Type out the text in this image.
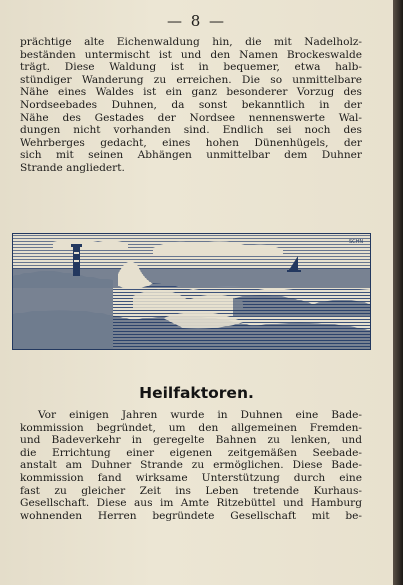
— 8 —
prächtige alte Eichenwaldung hin, die mit Nadelholz-
beständen untermischt ist und den Namen Brockeswalde
trägt. Diese Waldung ist in bequemer, etwa halb-
stündiger Wanderung zu erreichen. Die so unmittelbare
Nähe eines Waldes ist ein ganz besonderer Vorzug des
Nordseebades Duhnen, da sonst bekanntlich in der
Nähe des Gestades der Nordsee nennenswerte Wal-
dungen nicht vorhanden sind. Endlich sei noch des
Wehrberges gedacht, eines hohen Dünenhügels, der
sich mit seinen Abhängen unmittelbar dem Duhner
Strande angliedert.
SCHN
Heilfaktoren.
Vor einigen Jahren wurde in Duhnen eine Bade-
kommission begründet, um den allgemeinen Fremden-
und Badeverkehr in geregelte Bahnen zu lenken, und
die Errichtung einer eigenen zeitgemäßen Seebade-
anstalt am Duhner Strande zu ermöglichen. Diese Bade-
kommission fand wirksame Unterstützung durch eine
fast zu gleicher Zeit ins Leben tretende Kurhaus-
Gesellschaft. Diese aus im Amte Ritzebüttel und Hamburg
wohnenden Herren begründete Gesellschaft mit be-
